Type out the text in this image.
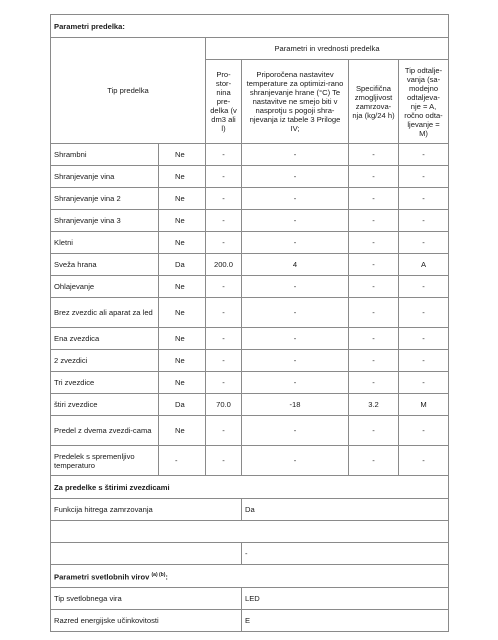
Parametri predelka:					
Tip predelka		Parametri in vrednosti predelka			
		Pro-stor-nina pre-delka (v dm3 ali l)	Priporočena nastavitev temperature za optimizi-rano shranjevanje hrane (°C) Te nastavitve ne smejo biti v nasprotju s pogoji shra-njevanja iz tabele 3 Priloge IV;	Specifična zmogljivost zamrzova-nja (kg/24 h)	Tip odtalje-vanja (sa-modejno odtaljeva-nje = A, ročno odta-ljevanje = M)
Shrambni	Ne	-	-	-	-
Shranjevanje vina	Ne	-	-	-	-
Shranjevanje vina 2	Ne	-	-	-	-
Shranjevanje vina 3	Ne	-	-	-	-
Kletni	Ne	-	-	-	-
Sveža hrana	Da	200.0	4	-	A
Ohlajevanje	Ne	-	-	-	-
Brez zvezdic ali aparat za led	Ne	-	-	-	-
Ena zvezdica	Ne	-	-	-	-
2 zvezdici	Ne	-	-	-	-
Tri zvezdice	Ne	-	-	-	-
štiri zvezdice	Da	70.0	-18	3.2	M
Predel z dvema zvezdi-cama	Ne	-	-	-	-
Predelek s spremenljivo temperaturo	-	-	-	-	-
Za predelke s štirimi zvezdicami					
Funkcija hitrega zamrzovanja			Da		

			-		
Parametri svetlobnih virov $^{(a) (b)}$:					
Tip svetlobnega vira			LED		
Razred energijske učinkovitosti			E		
